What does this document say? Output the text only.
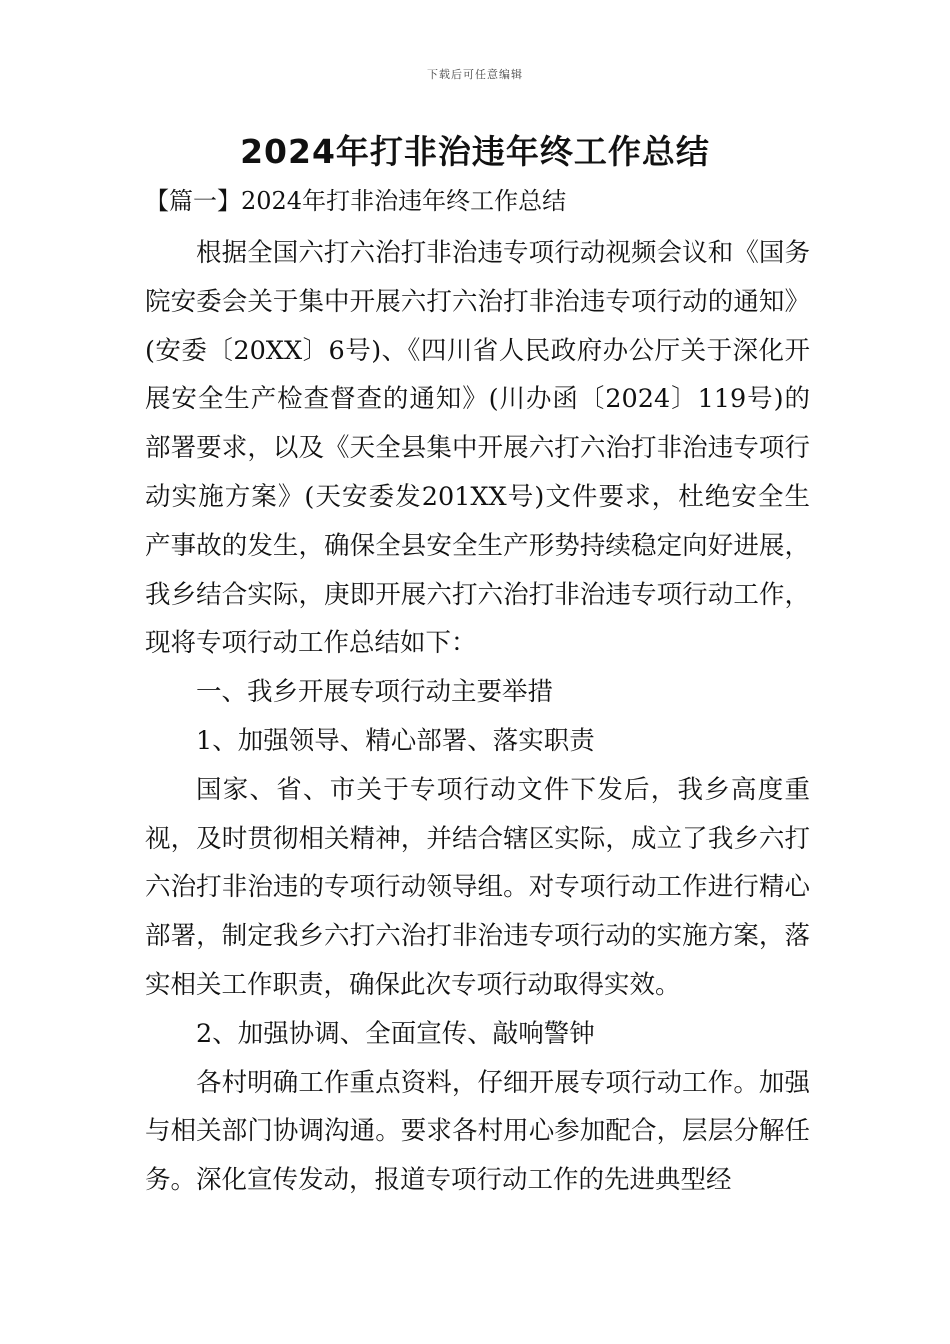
下载后可任意编辑
2024年打非治违年终工作总结
【篇一】2024年打非治违年终工作总结

根据全国六打六治打非治违专项行动视频会议和《国务院安委会关于集中开展六打六治打非治违专项行动的通知》(安委〔20XX〕6号)、《四川省人民政府办公厅关于深化开展安全生产检查督查的通知》(川办函〔2024〕119号)的部署要求，以及《天全县集中开展六打六治打非治违专项行动实施方案》(天安委发201XX号)文件要求，杜绝安全生产事故的发生，确保全县安全生产形势持续稳定向好进展，我乡结合实际，庚即开展六打六治打非治违专项行动工作，现将专项行动工作总结如下：

一、我乡开展专项行动主要举措

1、加强领导、精心部署、落实职责

国家、省、市关于专项行动文件下发后，我乡高度重视，及时贯彻相关精神，并结合辖区实际，成立了我乡六打六治打非治违的专项行动领导组。对专项行动工作进行精心部署，制定我乡六打六治打非治违专项行动的实施方案，落实相关工作职责，确保此次专项行动取得实效。

2、加强协调、全面宣传、敲响警钟

各村明确工作重点资料，仔细开展专项行动工作。加强与相关部门协调沟通。要求各村用心参加配合，层层分解任务。深化宣传发动，报道专项行动工作的先进典型经
